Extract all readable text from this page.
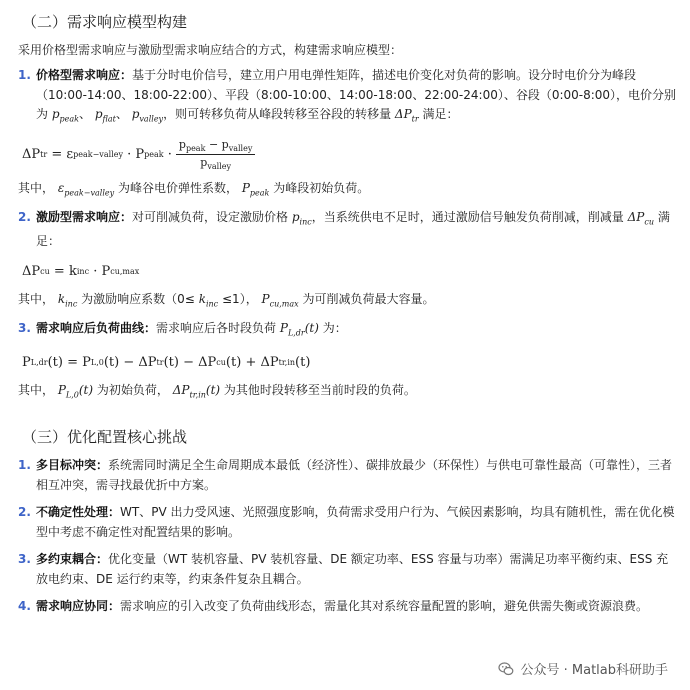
（二）需求响应模型构建
采用价格型需求响应与激励型需求响应结合的方式，构建需求响应模型：
1. 价格型需求响应：基于分时电价信号，建立用户用电弹性矩阵，描述电价变化对负荷的影响。设分时电价分为峰段（10:00-14:00、18:00-22:00）、平段（8:00-10:00、14:00-18:00、22:00-24:00）、谷段（0:00-8:00），电价分别为 $p_{peak}$、 $p_{flat}$、 $p_{valley}$，则可转移负荷从峰段转移至谷段的转移量 $\Delta P_{tr}$ 满足：
ΔP tr
=
ε peak−valley
·
P peak
· $\frac{p_{peak} - p_{valley}}{p_{valley}}$
其中， $\varepsilon_{peak-valley}$ 为峰谷电价弹性系数， $P_{peak}$ 为峰段初始负荷。
2. 激励型需求响应：对可削减负荷，设定激励价格 $p_{inc}$，当系统供电不足时，通过激励信号触发负荷削减，削减量 $\Delta P_{cu}$ 满足：
ΔP cu
=
k inc
·
P cu,max
其中， $k_{inc}$ 为激励响应系数$(0\le k_{inc} \le 1)$， $P_{cu,max}$ 为可削减负荷最大容量。
3. 需求响应后负荷曲线：需求响应后各时段负荷 $P_{L,dr}(t)$ 为：
P L,dr (t)
=
P L,0 (t)
−
ΔP tr (t)
−
ΔP cu (t)
+
ΔP tr,in (t)
其中， $P_{L,0}(t)$ 为初始负荷， $\Delta P_{tr,in}(t)$ 为其他时段转移至当前时段的负荷。
（三）优化配置核心挑战
1. 多目标冲突：系统需同时满足全生命周期成本最低（经济性）、碳排放最少（环保性）与供电可靠性最高（可靠性），三者相互冲突，需寻找最优折中方案。
2. 不确定性处理：WT、PV 出力受风速、光照强度影响，负荷需求受用户行为、气候因素影响，均具有随机性，需在优化模型中考虑不确定性对配置结果的影响。
3. 多约束耦合：优化变量（WT 装机容量、PV 装机容量、DE 额定功率、ESS 容量与功率）需满足功率平衡约束、ESS 充放电约束、DE 运行约束等，约束条件复杂且耦合。
4. 需求响应协同：需求响应的引入改变了负荷曲线形态，需量化其对系统容量配置的影响，避免供需失衡或资源浪费。
公众号 · Matlab科研助手
